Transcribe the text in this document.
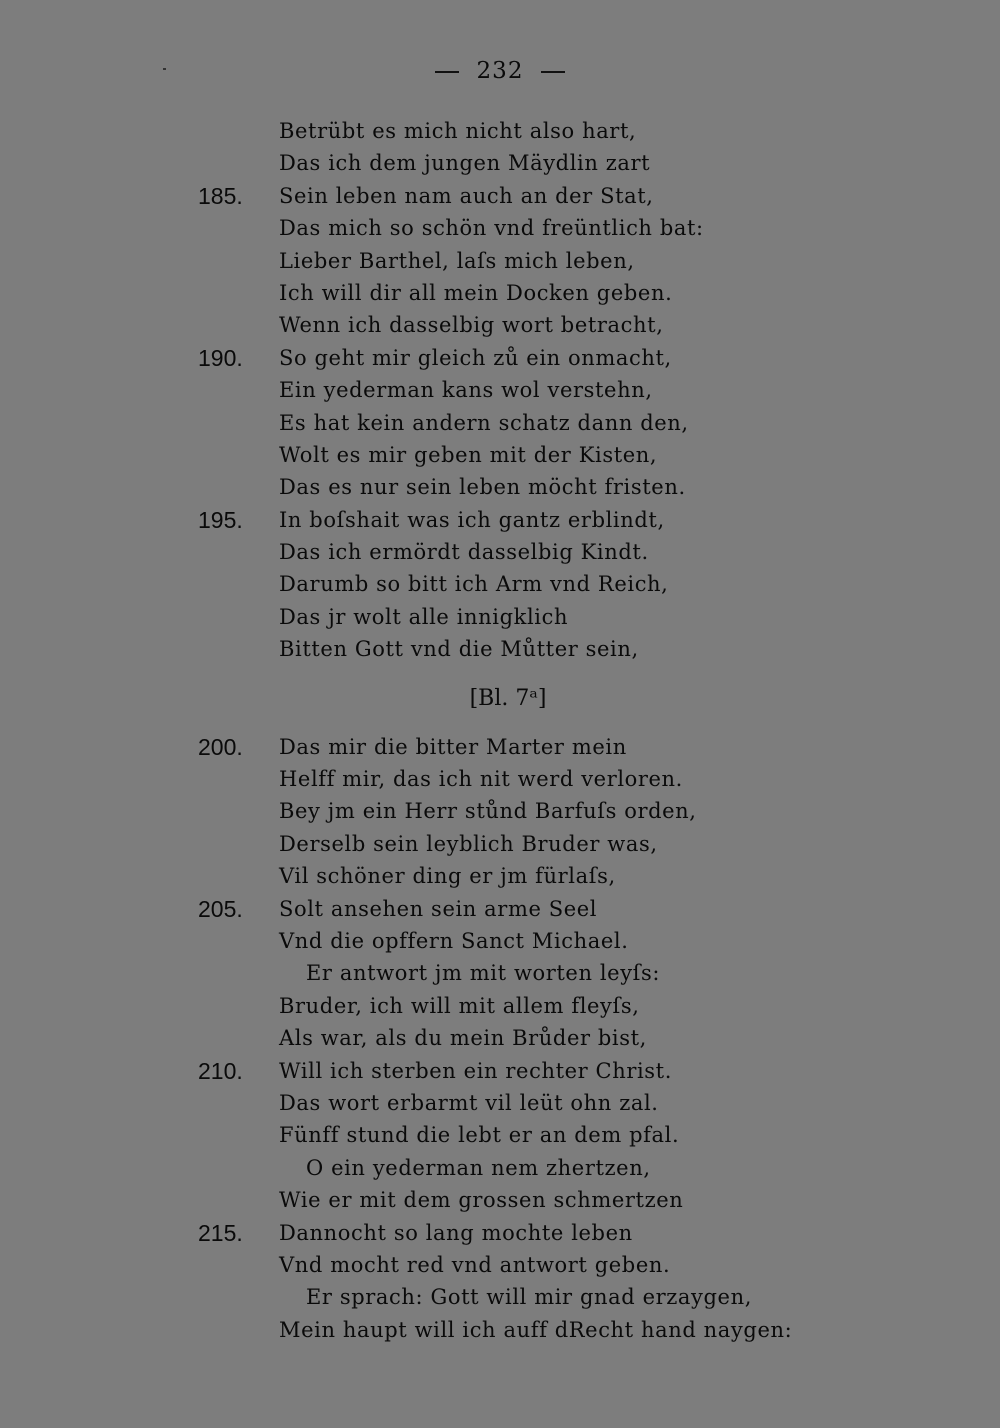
232
Betrübt es mich nicht also hart,
Das ich dem jungen Mäydlin zart
185. Sein leben nam auch an der Stat,
Das mich so schön vnd freüntlich bat:
Lieber Barthel, laſs mich leben,
Ich will dir all mein Docken geben.
Wenn ich dasselbig wort betracht,
190. So geht mir gleich zů ein onmacht,
Ein yederman kans wol verstehn,
Es hat kein andern schatz dann den,
Wolt es mir geben mit der Kisten,
Das es nur sein leben möcht fristen.
195. In boſshait was ich gantz erblindt,
Das ich ermördt dasselbig Kindt.
Darumb so bitt ich Arm vnd Reich,
Das jr wolt alle innigklich
Bitten Gott vnd die Můtter sein,
[Bl. 7ᵃ]
200. Das mir die bitter Marter mein
Helff mir, das ich nit werd verloren.
Bey jm ein Herr stůnd Barfuſs orden,
Derselb sein leyblich Bruder was,
Vil schöner ding er jm fürlaſs,
205. Solt ansehen sein arme Seel
Vnd die opffern Sanct Michael.
Er antwort jm mit worten leyſs:
Bruder, ich will mit allem fleyſs,
Als war, als du mein Brůder bist,
210. Will ich sterben ein rechter Christ.
Das wort erbarmt vil leüt ohn zal.
Fünff stund die lebt er an dem pfal.
O ein yederman nem zhertzen,
Wie er mit dem grossen schmertzen
215. Dannocht so lang mochte leben
Vnd mocht red vnd antwort geben.
Er sprach: Gott will mir gnad erzaygen,
Mein haupt will ich auff dRecht hand naygen:
